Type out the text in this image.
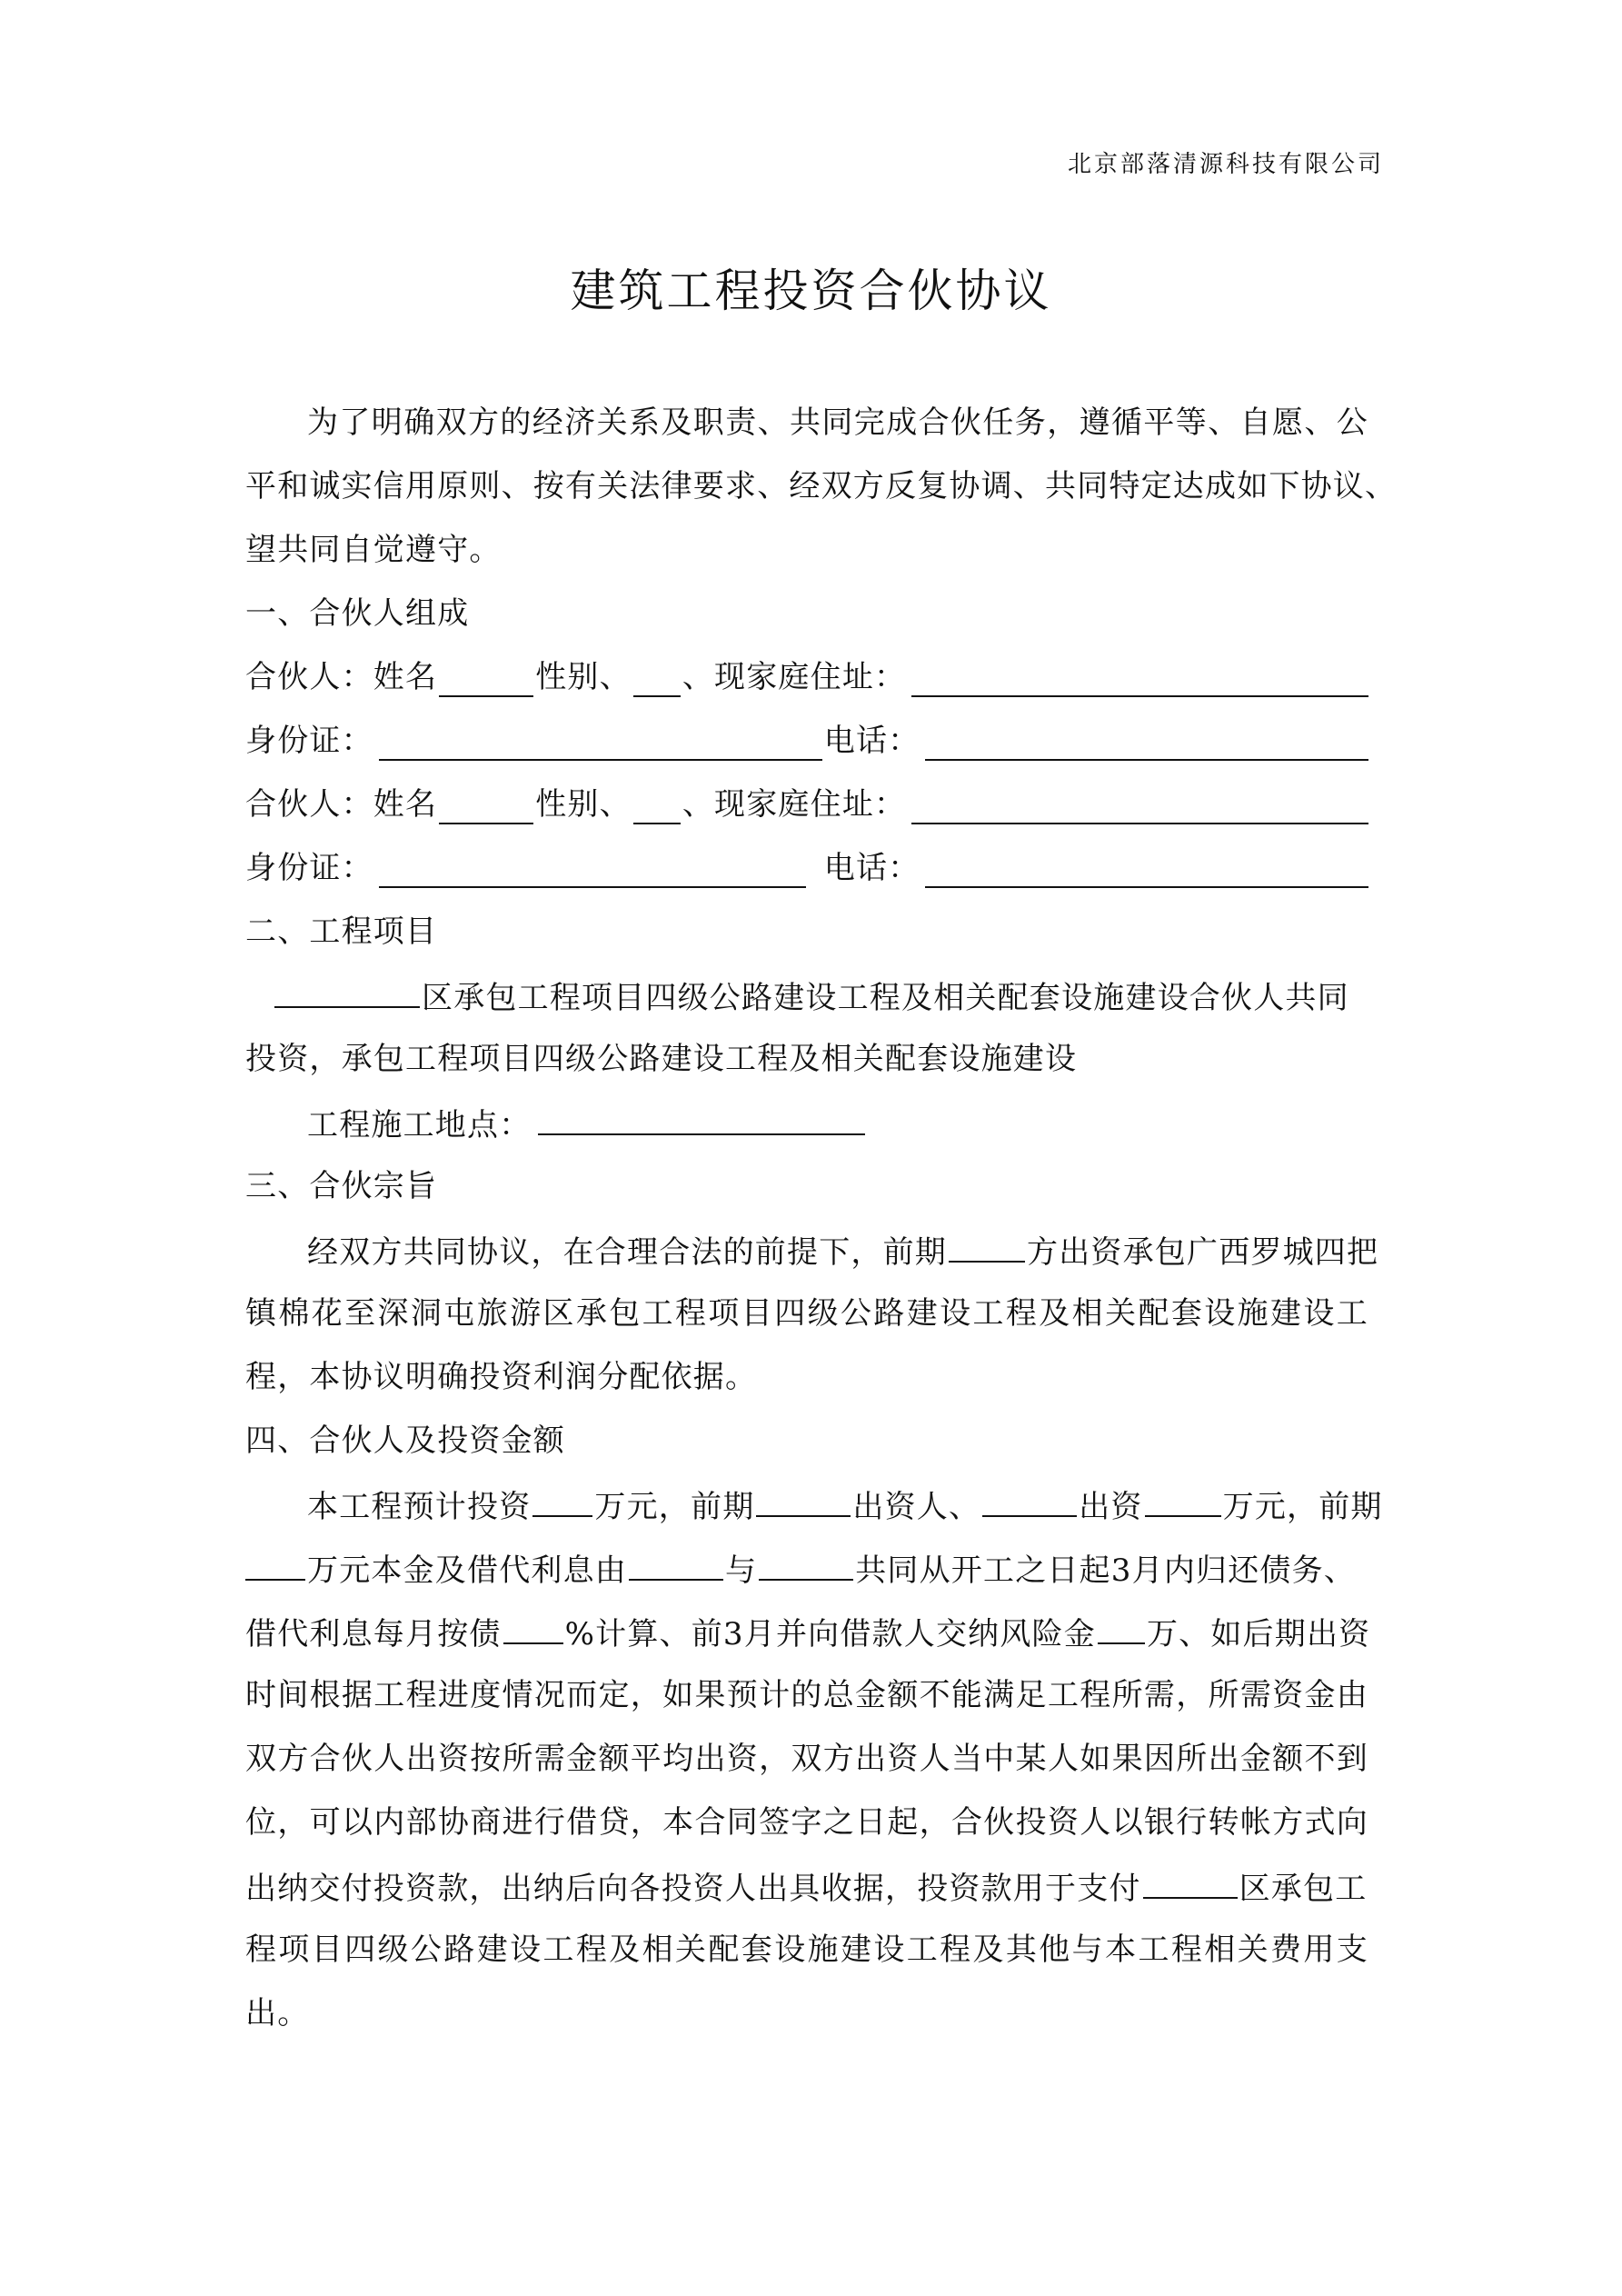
北京部落清源科技有限公司
建筑工程投资合伙协议
为了明确双方的经济关系及职责、共同完成合伙任务，遵循平等、自愿、公
平和诚实信用原则、按有关法律要求、经双方反复协调、共同特定达成如下协议、
望共同自觉遵守。
一、合伙人组成
合伙人：姓名	性别、 、 现家庭住址：
身份证：	电话：
合伙人：姓名	性别、 、 现家庭住址：
身份证：	电话：
二、工程项目
区承包工程项目四级公路建设工程及相关配套设施建设合伙人共同
投资，承包工程项目四级公路建设工程及相关配套设施建设
工程施工地点：
三、合伙宗旨
经双方共同协议，在合理合法的前提下，前期	方出资承包广西罗城四把
镇棉花至深洞屯旅游区承包工程项目四级公路建设工程及相关配套设施建设工
程，本协议明确投资利润分配依据。
四、合伙人及投资金额
本工程预计投资 万元，前期	出资人、	出资	万元，前期
万元本金及借代利息由	与	共同从开工之日起3月内归还债务、
借代利息每月按债 %计算、前3月并向借款人交纳风险金 万、如后期出资
时间根据工程进度情况而定，如果预计的总金额不能满足工程所需，所需资金由
双方合伙人出资按所需金额平均出资，双方出资人当中某人如果因所出金额不到
位，可以内部协商进行借贷，本合同签字之日起，合伙投资人以银行转帐方式向
出纳交付投资款，出纳后向各投资人出具收据，投资款用于支付	区承包工
程项目四级公路建设工程及相关配套设施建设工程及其他与本工程相关费用支
出。
